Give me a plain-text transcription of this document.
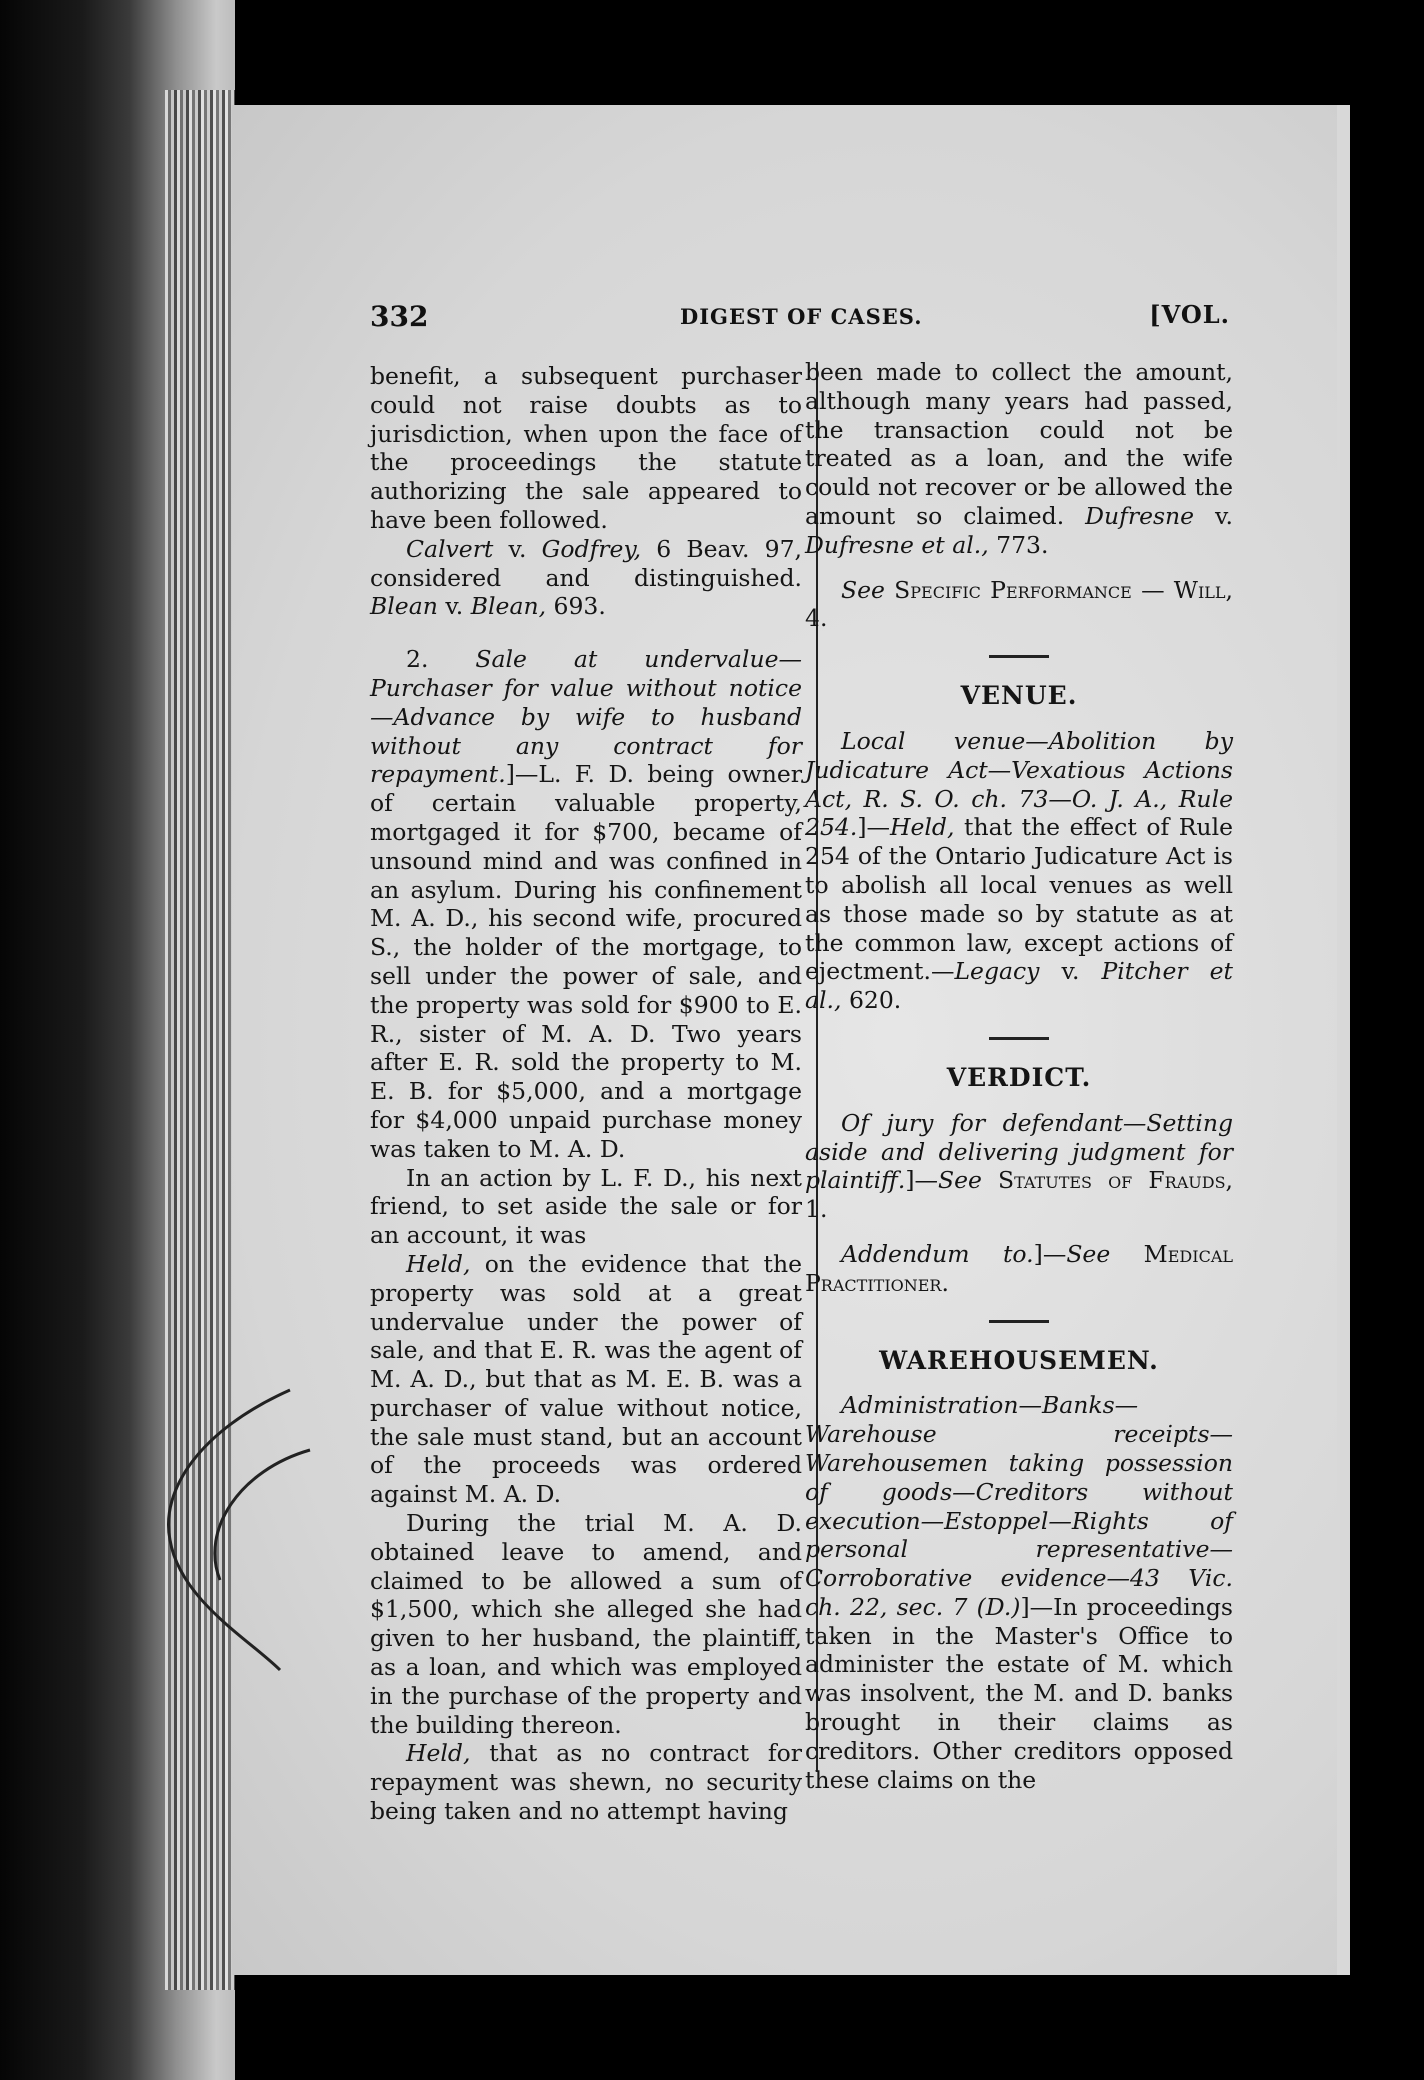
332	DIGEST OF CASES.	[VOL.

benefit, a subsequent purchaser could not raise doubts as to jurisdiction, when upon the face of the proceedings the statute authorizing the sale appeared to have been followed.

Calvert v. Godfrey, 6 Beav. 97, considered and distinguished. Blean v. Blean, 693.

2. Sale at undervalue—Purchaser for value without notice—Advance by wife to husband without any contract for repayment.]—L. F. D. being owner of certain valuable property, mortgaged it for $700, became of unsound mind and was confined in an asylum. During his confinement M. A. D., his second wife, procured S., the holder of the mortgage, to sell under the power of sale, and the property was sold for $900 to E. R., sister of M. A. D. Two years after E. R. sold the property to M. E. B. for $5,000, and a mortgage for $4,000 unpaid purchase money was taken to M. A. D.

In an action by L. F. D., his next friend, to set aside the sale or for an account, it was

Held, on the evidence that the property was sold at a great undervalue under the power of sale, and that E. R. was the agent of M. A. D., but that as M. E. B. was a purchaser of value without notice, the sale must stand, but an account of the proceeds was ordered against M. A. D.

During the trial M. A. D. obtained leave to amend, and claimed to be allowed a sum of $1,500, which she alleged she had given to her husband, the plaintiff, as a loan, and which was employed in the purchase of the property and the building thereon.

Held, that as no contract for repayment was shewn, no security being taken and no attempt having

been made to collect the amount, although many years had passed, the transaction could not be treated as a loan, and the wife could not recover or be allowed the amount so claimed. Dufresne v. Dufresne et al., 773.

See Specific Performance — Will, 4.

VENUE.

Local venue—Abolition by Judicature Act—Vexatious Actions Act, R. S. O. ch. 73—O. J. A., Rule 254.]—Held, that the effect of Rule 254 of the Ontario Judicature Act is to abolish all local venues as well as those made so by statute as at the common law, except actions of ejectment.—Legacy v. Pitcher et al., 620.

VERDICT.

Of jury for defendant—Setting aside and delivering judgment for plaintiff.]—See Statutes of Frauds, 1.

Addendum to.]—See Medical Practitioner.

WAREHOUSEMEN.

Administration—Banks—Warehouse receipts—Warehousemen taking possession of goods—Creditors without execution—Estoppel—Rights of personal representative—Corroborative evidence—43 Vic. ch. 22, sec. 7 (D.)]—In proceedings taken in the Master's Office to administer the estate of M. which was insolvent, the M. and D. banks brought in their claims as creditors. Other creditors opposed these claims on the
